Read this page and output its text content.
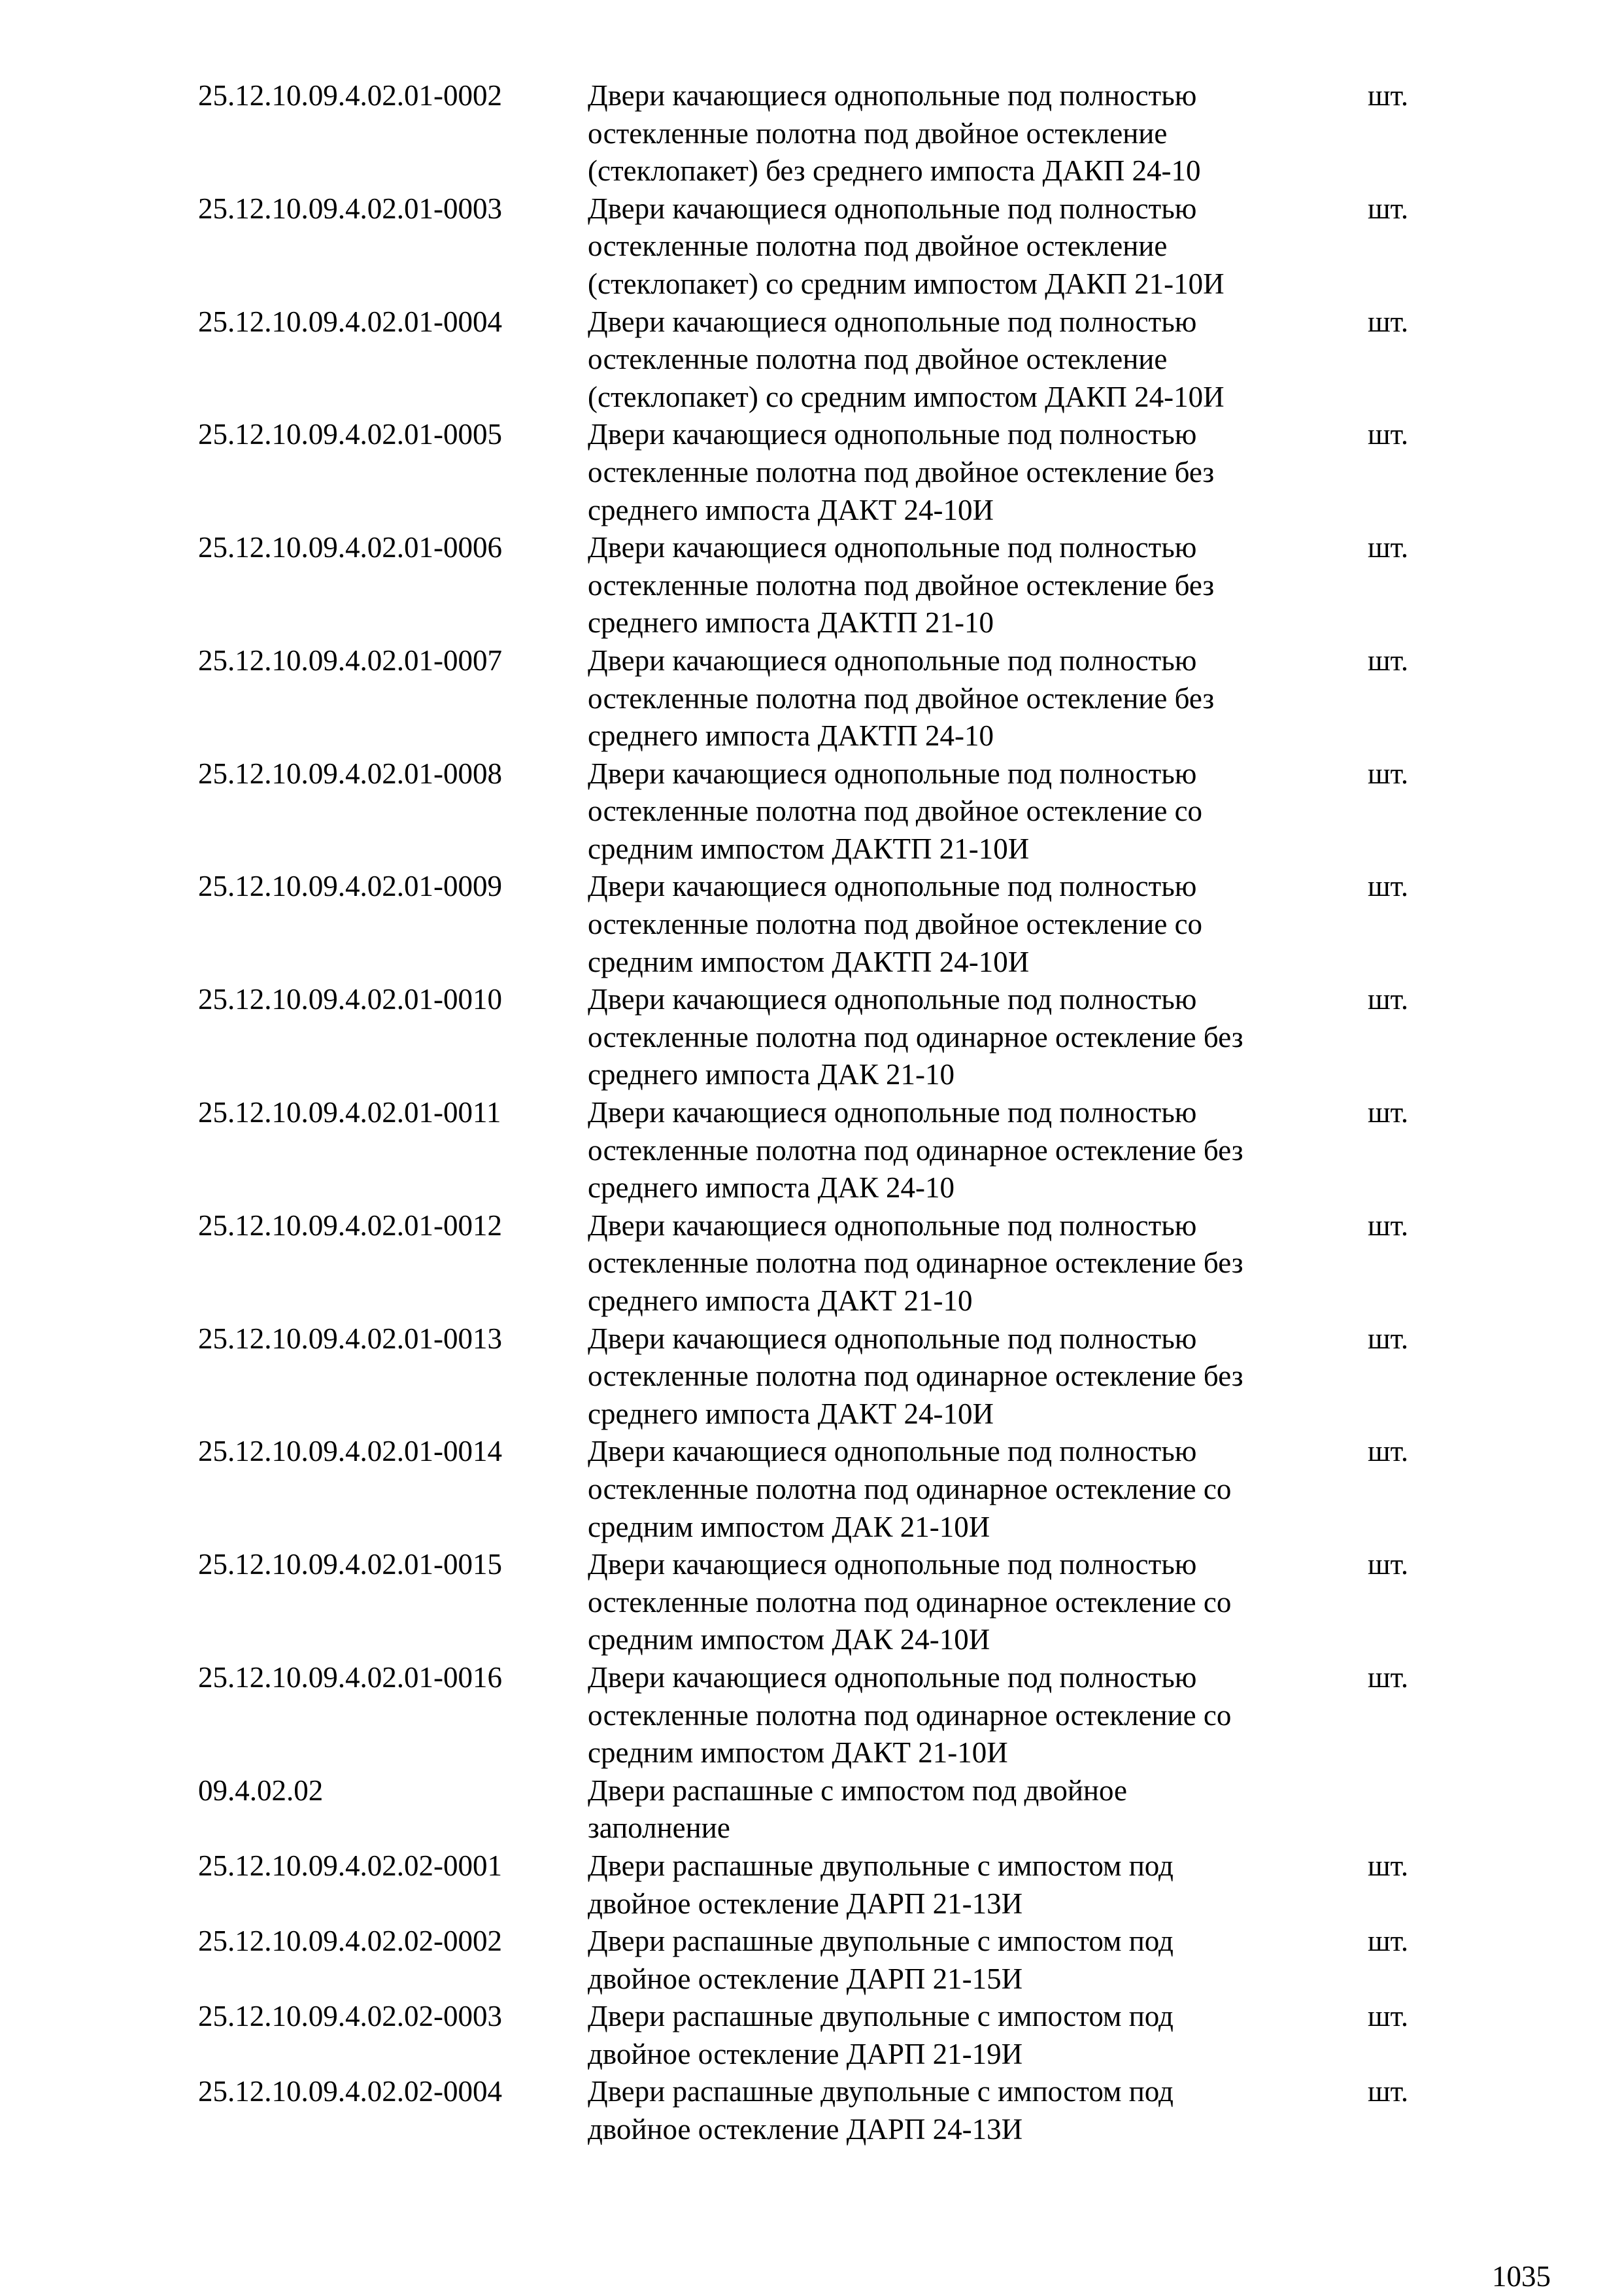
25.12.10.09.4.02.01-0002	Двери качающиеся однопольные под полностью
остекленные полотна под двойное остекление
(стеклопакет) без среднего импоста ДАКП 24-10
шт.
25.12.10.09.4.02.01-0003	Двери качающиеся однопольные под полностью
остекленные полотна под двойное остекление
(стеклопакет) со средним импостом ДАКП 21-10И
шт.
25.12.10.09.4.02.01-0004	Двери качающиеся однопольные под полностью
остекленные полотна под двойное остекление
(стеклопакет) со средним импостом ДАКП 24-10И
шт.
25.12.10.09.4.02.01-0005	Двери качающиеся однопольные под полностью
остекленные полотна под двойное остекление без
среднего импоста ДАКТ 24-10И
шт.
25.12.10.09.4.02.01-0006	Двери качающиеся однопольные под полностью
остекленные полотна под двойное остекление без
среднего импоста ДАКТП 21-10
шт.
25.12.10.09.4.02.01-0007	Двери качающиеся однопольные под полностью
остекленные полотна под двойное остекление без
среднего импоста ДАКТП 24-10
шт.
25.12.10.09.4.02.01-0008	Двери качающиеся однопольные под полностью
остекленные полотна под двойное остекление со
средним импостом ДАКТП 21-10И
шт.
25.12.10.09.4.02.01-0009	Двери качающиеся однопольные под полностью
остекленные полотна под двойное остекление со
средним импостом ДАКТП 24-10И
шт.
25.12.10.09.4.02.01-0010	Двери качающиеся однопольные под полностью
остекленные полотна под одинарное остекление без
среднего импоста ДАК 21-10
шт.
25.12.10.09.4.02.01-0011	Двери качающиеся однопольные под полностью
остекленные полотна под одинарное остекление без
среднего импоста ДАК 24-10
шт.
25.12.10.09.4.02.01-0012	Двери качающиеся однопольные под полностью
остекленные полотна под одинарное остекление без
среднего импоста ДАКТ 21-10
шт.
25.12.10.09.4.02.01-0013	Двери качающиеся однопольные под полностью
остекленные полотна под одинарное остекление без
среднего импоста ДАКТ 24-10И
шт.
25.12.10.09.4.02.01-0014	Двери качающиеся однопольные под полностью
остекленные полотна под одинарное остекление со
средним импостом ДАК 21-10И
шт.
25.12.10.09.4.02.01-0015	Двери качающиеся однопольные под полностью
остекленные полотна под одинарное остекление со
средним импостом ДАК 24-10И
шт.
25.12.10.09.4.02.01-0016	Двери качающиеся однопольные под полностью
остекленные полотна под одинарное остекление со
средним импостом ДАКТ 21-10И
шт.
09.4.02.02	Двери распашные с импостом под двойное
заполнение
25.12.10.09.4.02.02-0001	Двери распашные двупольные с импостом под
двойное остекление ДАРП 21-13И
шт.
25.12.10.09.4.02.02-0002	Двери распашные двупольные с импостом под
двойное остекление ДАРП 21-15И
шт.
25.12.10.09.4.02.02-0003	Двери распашные двупольные с импостом под
двойное остекление ДАРП 21-19И
шт.
25.12.10.09.4.02.02-0004	Двери распашные двупольные с импостом под
двойное остекление ДАРП 24-13И
шт.
1035
